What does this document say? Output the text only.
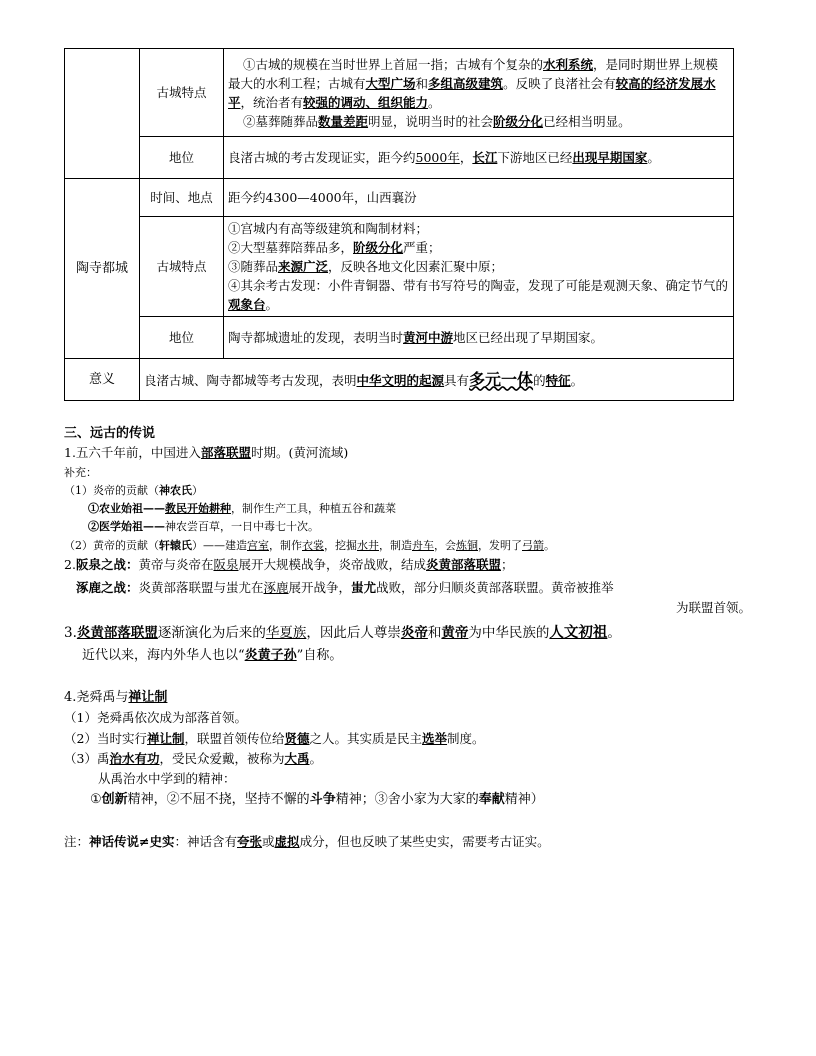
	古城特点	①古城的规模在当时世界上首屈一指；古城有个复杂的水利系统，是同时期世界上规模最大的水利工程；古城有大型广场和多组高级建筑。反映了良渚社会有较高的经济发展水平，统治者有较强的调动、组织能力。

②墓葬随葬品数量差距明显，说明当时的社会阶级分化已经相当明显。

	地位	良渚古城的考古发现证实，距今约5000年，长江下游地区已经出现早期国家。
陶寺都城	时间、地点	距今约4300—4000年，山西襄汾
	古城特点	①宫城内有高等级建筑和陶制材料；

②大型墓葬陪葬品多，阶级分化严重；

③随葬品来源广泛，反映各地文化因素汇聚中原；

④其余考古发现：小件青铜器、带有书写符号的陶壶，发现了可能是观测天象、确定节气的观象台。

	地位	陶寺都城遗址的发现，表明当时黄河中游地区已经出现了早期国家。
意义	良渚古城、陶寺都城等考古发现，表明中华文明的起源具有多元一体的特征。	
三、远古的传说
1.五六千年前，中国进入部落联盟时期。(黄河流域)
补充：
（1）炎帝的贡献（神农氏）
①农业始祖——教民开始耕种，制作生产工具，种植五谷和蔬菜
②医学始祖——神农尝百草，一日中毒七十次。
（2）黄帝的贡献（轩辕氏）——建造宫室，制作衣裳，挖掘水井，制造舟车，会炼铜，发明了弓箭。
2.阪泉之战：黄帝与炎帝在阪泉展开大规模战争，炎帝战败，结成炎黄部落联盟；
涿鹿之战：炎黄部落联盟与蚩尤在涿鹿展开战争，蚩尤战败，部分归顺炎黄部落联盟。黄帝被推举
为联盟首领。
3.炎黄部落联盟逐渐演化为后来的华夏族，因此后人尊崇炎帝和黄帝为中华民族的人文初祖。
近代以来，海内外华人也以“炎黄子孙”自称。
4.尧舜禹与禅让制
（1）尧舜禹依次成为部落首领。
（2）当时实行禅让制，联盟首领传位给贤德之人。其实质是民主选举制度。
（3）禹治水有功，受民众爱戴，被称为大禹。
从禹治水中学到的精神：
①创新精神，②不屈不挠，坚持不懈的斗争精神；③舍小家为大家的奉献精神）
注：神话传说≠史实：神话含有夸张或虚拟成分，但也反映了某些史实，需要考古证实。
